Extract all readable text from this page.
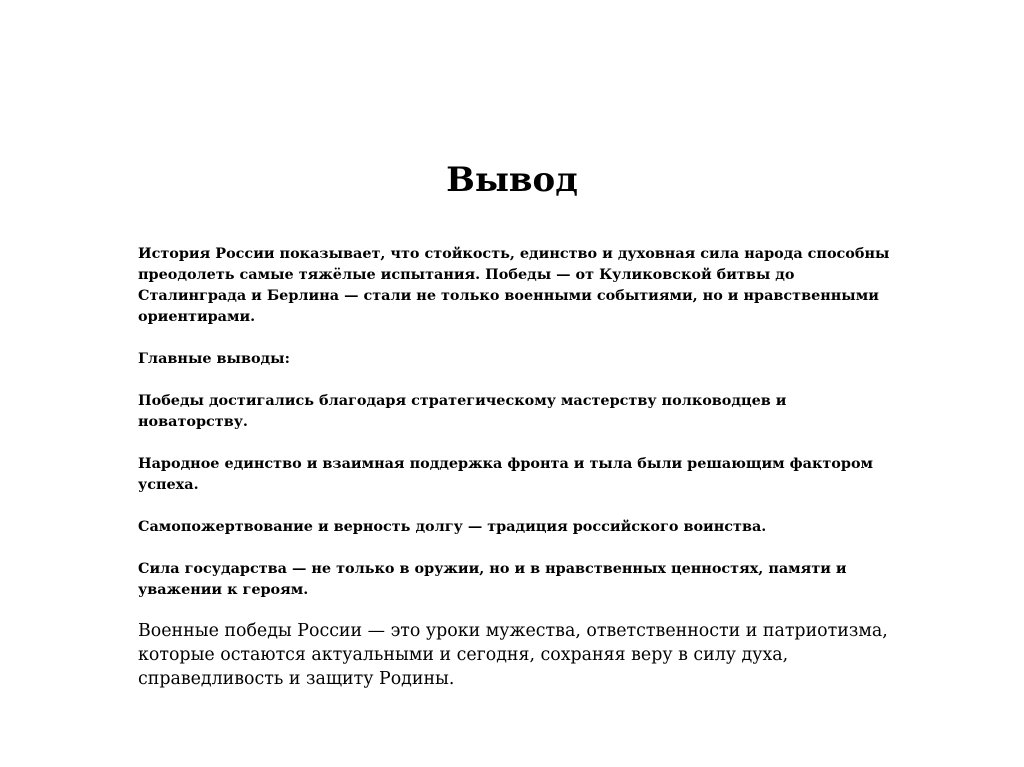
Вывод

История России показывает, что стойкость, единство и духовная сила народа способны преодолеть самые тяжёлые испытания. Победы — от Куликовской битвы до Сталинграда и Берлина — стали не только военными событиями, но и нравственными ориентирами.

Главные выводы:

Победы достигались благодаря стратегическому мастерству полководцев и новаторству.

Народное единство и взаимная поддержка фронта и тыла были решающим фактором успеха.

Самопожертвование и верность долгу — традиция российского воинства.

Сила государства — не только в оружии, но и в нравственных ценностях, памяти и уважении к героям.

Военные победы России — это уроки мужества, ответственности и патриотизма, которые остаются актуальными и сегодня, сохраняя веру в силу духа, справедливость и защиту Родины.
